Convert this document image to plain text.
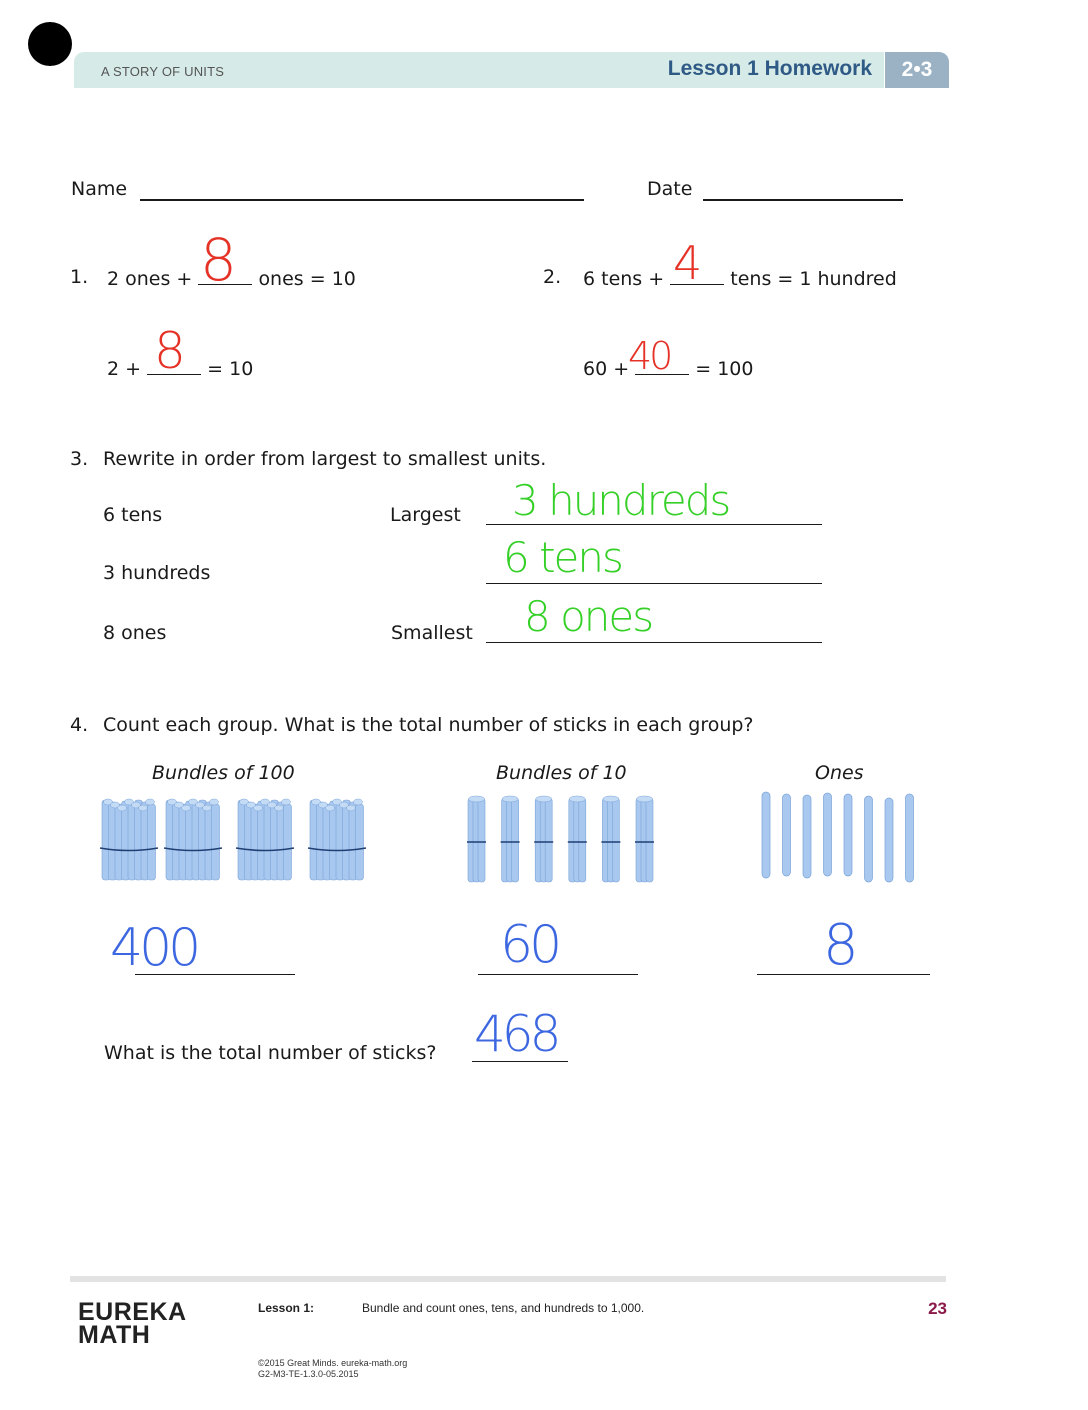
A STORY OF UNITS	Lesson 1 Homework	2•3
Name	Date
1. 2 ones +	ones = 10
8
2 +	= 10
8
2. 6 tens +	tens = 1 hundred
4
60 +	= 100
40
3. Rewrite in order from largest to smallest units.
6 tens
3 hundreds
8 ones
Largest
Smallest
3 hundreds
6 tens
8 ones
4. Count each group. What is the total number of sticks in each group?
Bundles of 100	Bundles of 10	Ones
400	60	8
What is the total number of sticks? 468
EUREKA
MATH
Lesson 1:	Bundle and count ones, tens, and hundreds to 1,000.	23
©2015 Great Minds. eureka-math.org
G2-M3-TE-1.3.0-05.2015
